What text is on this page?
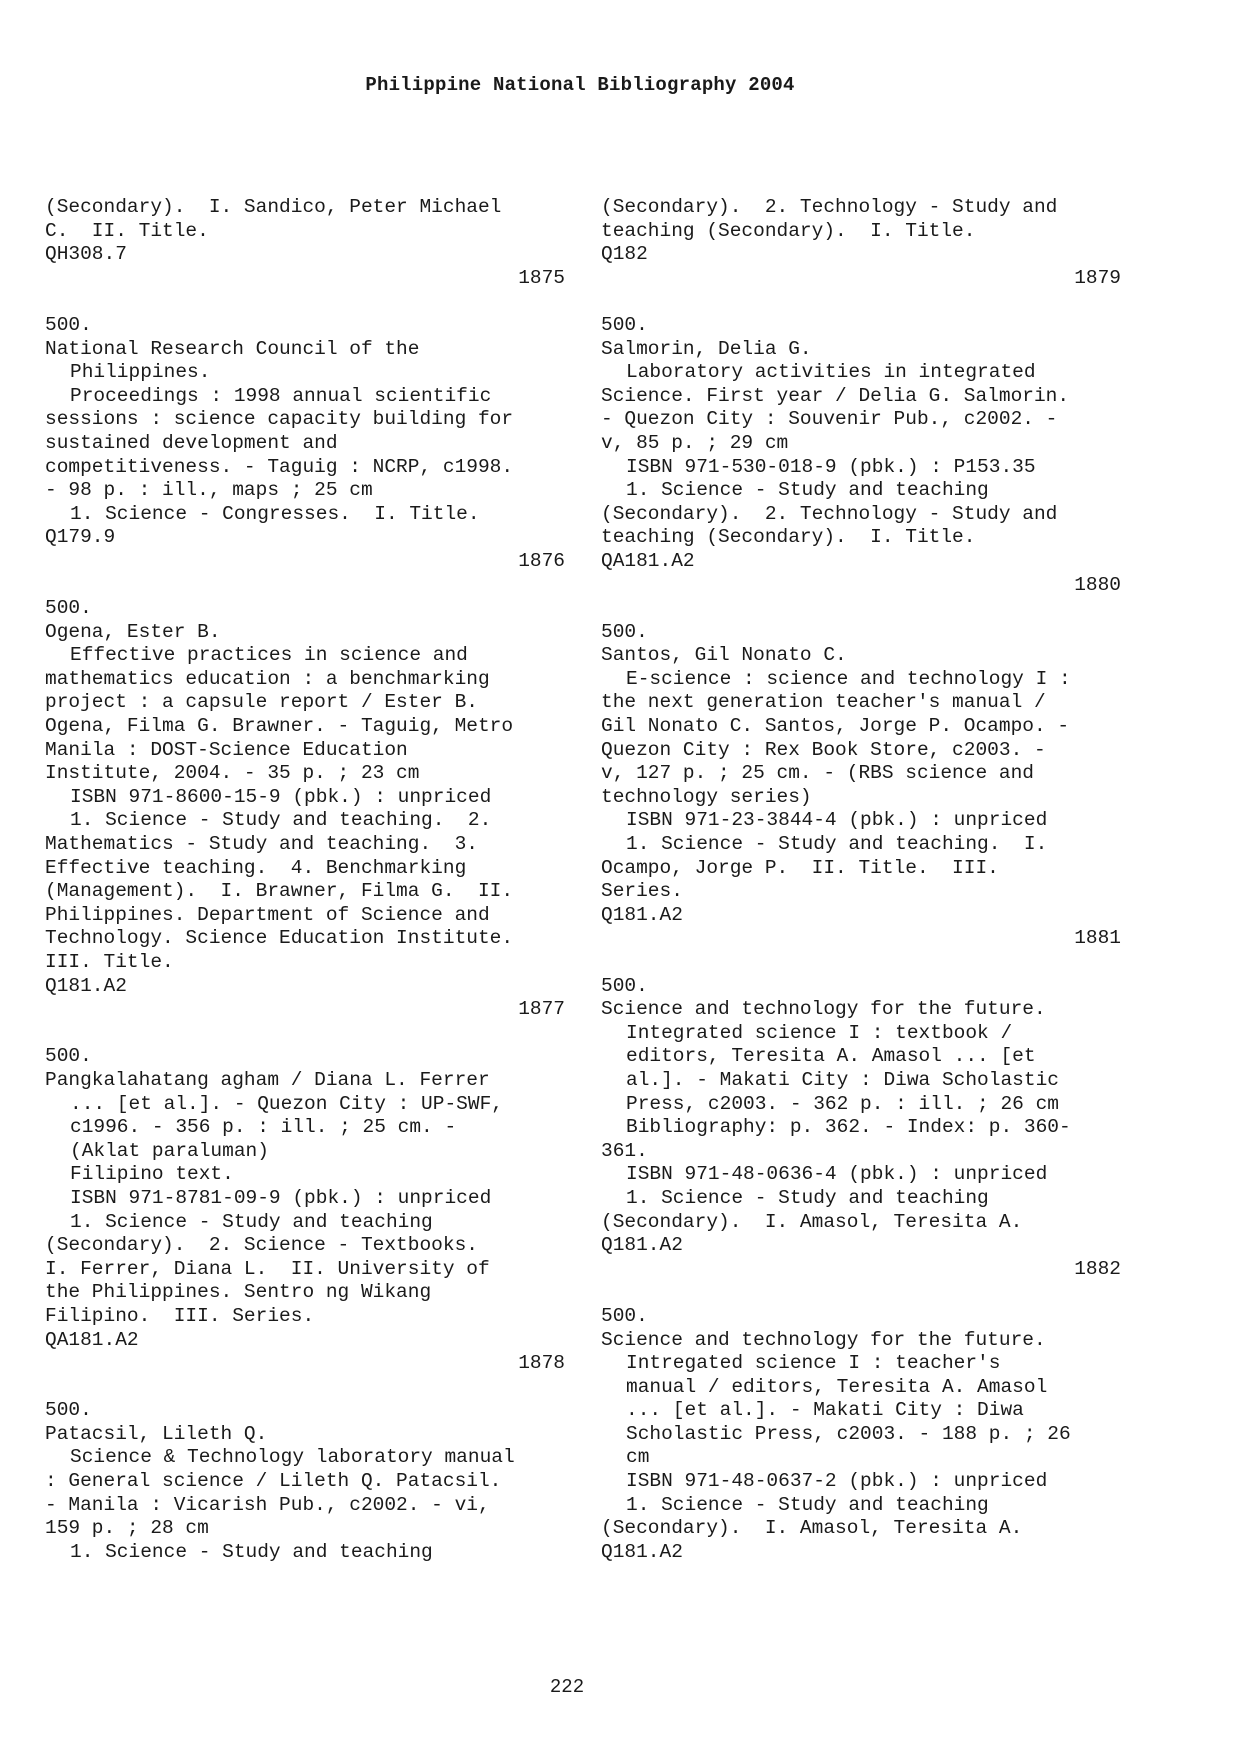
Philippine National Bibliography 2004
(Secondary).  I. Sandico, Peter Michael
C.  II. Title.
QH308.7
1875
500.
National Research Council of the
Philippines.
Proceedings : 1998 annual scientific
sessions : science capacity building for
sustained development and
competitiveness. - Taguig : NCRP, c1998.
- 98 p. : ill., maps ; 25 cm
1. Science - Congresses.  I. Title.
Q179.9
1876
500.
Ogena, Ester B.
Effective practices in science and
mathematics education : a benchmarking
project : a capsule report / Ester B.
Ogena, Filma G. Brawner. - Taguig, Metro
Manila : DOST-Science Education
Institute, 2004. - 35 p. ; 23 cm
ISBN 971-8600-15-9 (pbk.) : unpriced
1. Science - Study and teaching.  2.
Mathematics - Study and teaching.  3.
Effective teaching.  4. Benchmarking
(Management).  I. Brawner, Filma G.  II.
Philippines. Department of Science and
Technology. Science Education Institute.
III. Title.
Q181.A2
1877
500.
Pangkalahatang agham / Diana L. Ferrer
... [et al.]. - Quezon City : UP-SWF,
c1996. - 356 p. : ill. ; 25 cm. -
(Aklat paraluman)
Filipino text.
ISBN 971-8781-09-9 (pbk.) : unpriced
1. Science - Study and teaching
(Secondary).  2. Science - Textbooks.
I. Ferrer, Diana L.  II. University of
the Philippines. Sentro ng Wikang
Filipino.  III. Series.
QA181.A2
1878
500.
Patacsil, Lileth Q.
Science & Technology laboratory manual
: General science / Lileth Q. Patacsil.
- Manila : Vicarish Pub., c2002. - vi,
159 p. ; 28 cm
1. Science - Study and teaching
(Secondary).  2. Technology - Study and
teaching (Secondary).  I. Title.
Q182
1879
500.
Salmorin, Delia G.
Laboratory activities in integrated
Science. First year / Delia G. Salmorin.
- Quezon City : Souvenir Pub., c2002. -
v, 85 p. ; 29 cm
ISBN 971-530-018-9 (pbk.) : P153.35
1. Science - Study and teaching
(Secondary).  2. Technology - Study and
teaching (Secondary).  I. Title.
QA181.A2
1880
500.
Santos, Gil Nonato C.
E-science : science and technology I :
the next generation teacher's manual /
Gil Nonato C. Santos, Jorge P. Ocampo. -
Quezon City : Rex Book Store, c2003. -
v, 127 p. ; 25 cm. - (RBS science and
technology series)
ISBN 971-23-3844-4 (pbk.) : unpriced
1. Science - Study and teaching.  I.
Ocampo, Jorge P.  II. Title.  III.
Series.
Q181.A2
1881
500.
Science and technology for the future.
Integrated science I : textbook /
editors, Teresita A. Amasol ... [et
al.]. - Makati City : Diwa Scholastic
Press, c2003. - 362 p. : ill. ; 26 cm
Bibliography: p. 362. - Index: p. 360-
361.
ISBN 971-48-0636-4 (pbk.) : unpriced
1. Science - Study and teaching
(Secondary).  I. Amasol, Teresita A.
Q181.A2
1882
500.
Science and technology for the future.
Intregated science I : teacher's
manual / editors, Teresita A. Amasol
... [et al.]. - Makati City : Diwa
Scholastic Press, c2003. - 188 p. ; 26
cm
ISBN 971-48-0637-2 (pbk.) : unpriced
1. Science - Study and teaching
(Secondary).  I. Amasol, Teresita A.
Q181.A2
222
